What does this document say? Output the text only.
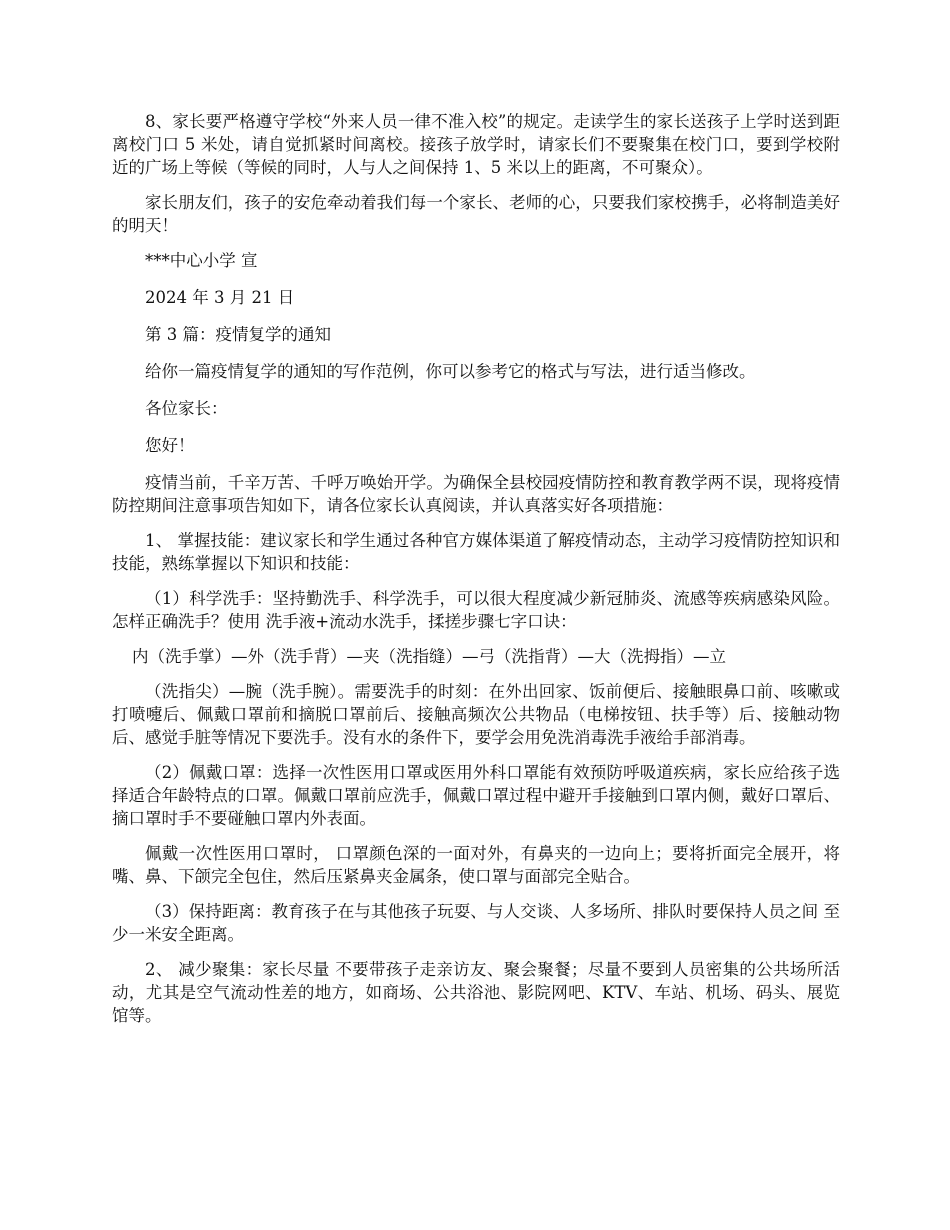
8、家长要严格遵守学校“外来人员一律不准入校”的规定。走读学生的家长送孩子上学时送到距离校门口 5 米处，请自觉抓紧时间离校。接孩子放学时，请家长们不要聚集在校门口，要到学校附近的广场上等候（等候的同时，人与人之间保持 1、5 米以上的距离，不可聚众）。

家长朋友们，孩子的安危牵动着我们每一个家长、老师的心，只要我们家校携手，必将制造美好的明天！

***中心小学 宣

2024 年 3 月 21 日

第 3 篇：疫情复学的通知

给你一篇疫情复学的通知的写作范例，你可以参考它的格式与写法，进行适当修改。

各位家长：

您好！

疫情当前，千辛万苦、千呼万唤始开学。为确保全县校园疫情防控和教育教学两不误，现将疫情防控期间注意事项告知如下，请各位家长认真阅读，并认真落实好各项措施：

1、 掌握技能：建议家长和学生通过各种官方媒体渠道了解疫情动态，主动学习疫情防控知识和技能，熟练掌握以下知识和技能：

（1）科学洗手：坚持勤洗手、科学洗手，可以很大程度减少新冠肺炎、流感等疾病感染风险。怎样正确洗手？使用 洗手液+流动水洗手，揉搓步骤七字口诀：

内（洗手掌）—外（洗手背）—夹（洗指缝）—弓（洗指背）—大（洗拇指）—立

（洗指尖）—腕（洗手腕）。需要洗手的时刻：在外出回家、饭前便后、接触眼鼻口前、咳嗽或打喷嚏后、佩戴口罩前和摘脱口罩前后、接触高频次公共物品（电梯按钮、扶手等）后、接触动物后、感觉手脏等情况下要洗手。没有水的条件下，要学会用免洗消毒洗手液给手部消毒。

（2）佩戴口罩：选择一次性医用口罩或医用外科口罩能有效预防呼吸道疾病，家长应给孩子选择适合年龄特点的口罩。佩戴口罩前应洗手，佩戴口罩过程中避开手接触到口罩内侧，戴好口罩后、摘口罩时手不要碰触口罩内外表面。

佩戴一次性医用口罩时， 口罩颜色深的一面对外，有鼻夹的一边向上；要将折面完全展开，将嘴、鼻、下颌完全包住，然后压紧鼻夹金属条，使口罩与面部完全贴合。

（3）保持距离：教育孩子在与其他孩子玩耍、与人交谈、人多场所、排队时要保持人员之间 至少一米安全距离。

2、 减少聚集：家长尽量 不要带孩子走亲访友、聚会聚餐；尽量不要到人员密集的公共场所活动，尤其是空气流动性差的地方，如商场、公共浴池、影院网吧、KTV、车站、机场、码头、展览馆等。
